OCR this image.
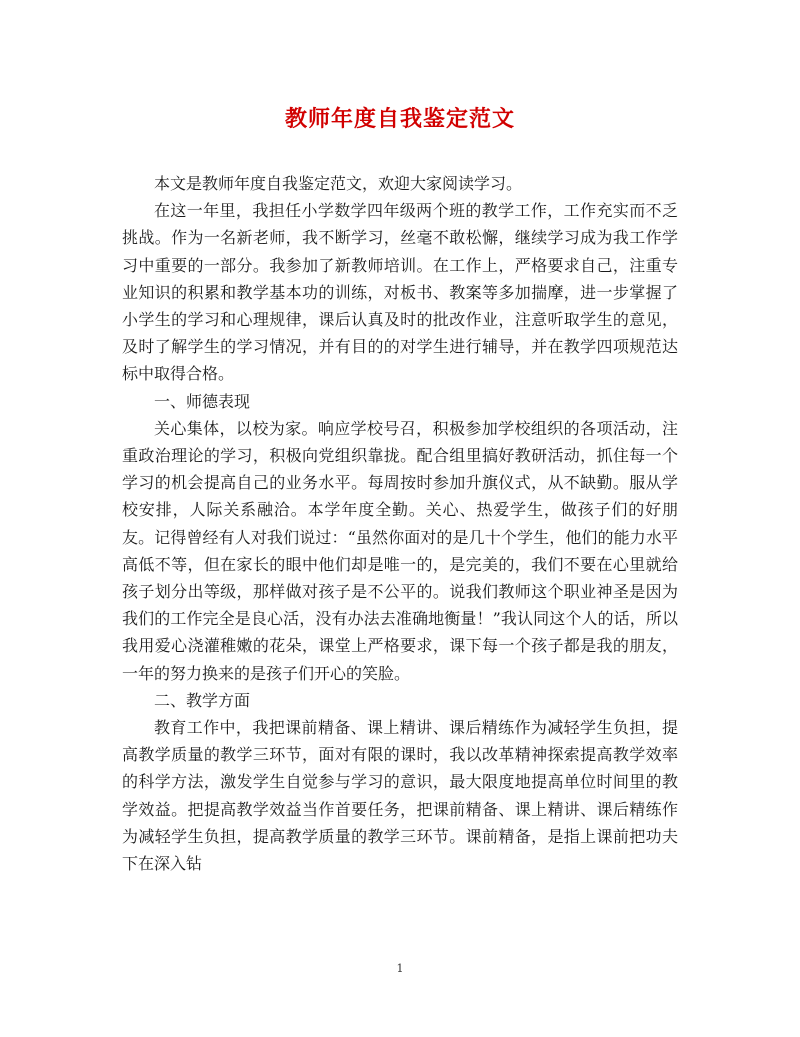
教师年度自我鉴定范文

本文是教师年度自我鉴定范文，欢迎大家阅读学习。

在这一年里，我担任小学数学四年级两个班的教学工作，工作充实而不乏挑战。作为一名新老师，我不断学习，丝毫不敢松懈，继续学习成为我工作学习中重要的一部分。我参加了新教师培训。在工作上，严格要求自己，注重专业知识的积累和教学基本功的训练，对板书、教案等多加揣摩，进一步掌握了小学生的学习和心理规律，课后认真及时的批改作业，注意听取学生的意见，及时了解学生的学习情况，并有目的的对学生进行辅导，并在教学四项规范达标中取得合格。

一、师德表现

关心集体，以校为家。响应学校号召，积极参加学校组织的各项活动，注重政治理论的学习，积极向党组织靠拢。配合组里搞好教研活动，抓住每一个学习的机会提高自己的业务水平。每周按时参加升旗仪式，从不缺勤。服从学校安排，人际关系融洽。本学年度全勤。关心、热爱学生，做孩子们的好朋友。记得曾经有人对我们说过：“虽然你面对的是几十个学生，他们的能力水平高低不等，但在家长的眼中他们却是唯一的，是完美的，我们不要在心里就给孩子划分出等级，那样做对孩子是不公平的。说我们教师这个职业神圣是因为我们的工作完全是良心活，没有办法去准确地衡量！”我认同这个人的话，所以我用爱心浇灌稚嫩的花朵，课堂上严格要求，课下每一个孩子都是我的朋友，一年的努力换来的是孩子们开心的笑脸。

二、教学方面

教育工作中，我把课前精备、课上精讲、课后精练作为减轻学生负担，提高教学质量的教学三环节，面对有限的课时，我以改革精神探索提高教学效率的科学方法，激发学生自觉参与学习的意识，最大限度地提高单位时间里的教学效益。把提高教学效益当作首要任务，把课前精备、课上精讲、课后精练作为减轻学生负担，提高教学质量的教学三环节。课前精备，是指上课前把功夫下在深入钻

1
